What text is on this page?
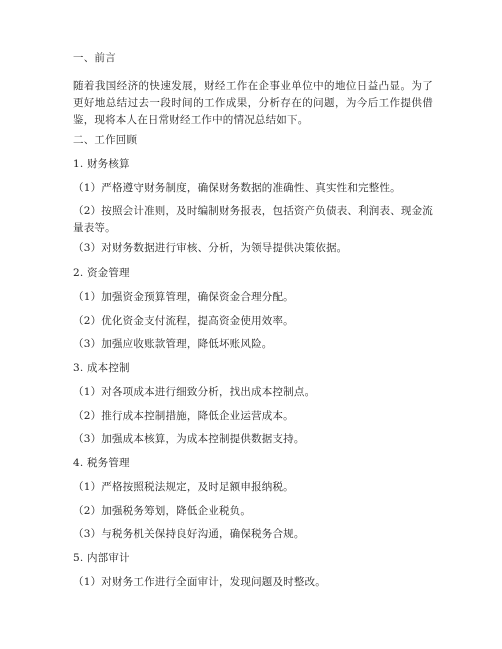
一、前言
随着我国经济的快速发展，财经工作在企事业单位中的地位日益凸显。为了更好地总结过去一段时间的工作成果，分析存在的问题，为今后工作提供借鉴，现将本人在日常财经工作中的情况总结如下。
二、工作回顾
1. 财务核算
（1）严格遵守财务制度，确保财务数据的准确性、真实性和完整性。
（2）按照会计准则，及时编制财务报表，包括资产负债表、利润表、现金流量表等。
（3）对财务数据进行审核、分析，为领导提供决策依据。
2. 资金管理
（1）加强资金预算管理，确保资金合理分配。
（2）优化资金支付流程，提高资金使用效率。
（3）加强应收账款管理，降低坏账风险。
3. 成本控制
（1）对各项成本进行细致分析，找出成本控制点。
（2）推行成本控制措施，降低企业运营成本。
（3）加强成本核算，为成本控制提供数据支持。
4. 税务管理
（1）严格按照税法规定，及时足额申报纳税。
（2）加强税务筹划，降低企业税负。
（3）与税务机关保持良好沟通，确保税务合规。
5. 内部审计
（1）对财务工作进行全面审计，发现问题及时整改。
